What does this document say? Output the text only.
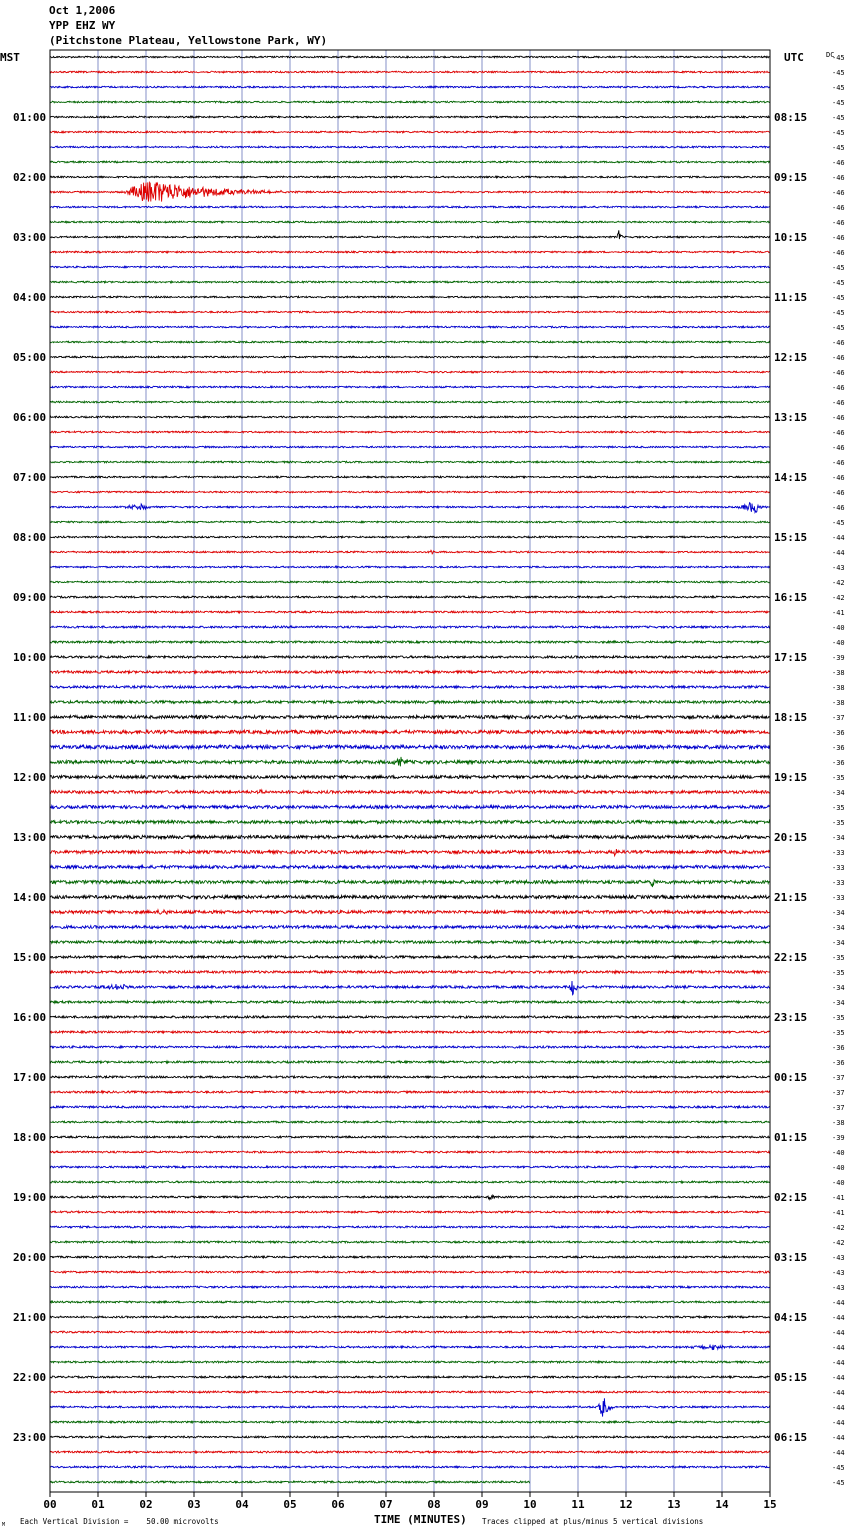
Oct 1,2006
YPP EHZ WY
(Pitchstone Plateau, Yellowstone Park, WY)
MST	UTC	DC
TIME (MINUTES)
Each Vertical Division =    50.00 microvolts	Traces clipped at plus/minus 5 vertical divisions
M
01:00
02:00
03:00
04:00
05:00
06:00
07:00
08:00
09:00
10:00
11:00
12:00
13:00
14:00
15:00
16:00
17:00
18:00
19:00
20:00
21:00
22:00
23:00
08:15
09:15
10:15
11:15
12:15
13:15
14:15
15:15
16:15
17:15
18:15
19:15
20:15
21:15
22:15
23:15
00:15
01:15
02:15
03:15
04:15
05:15
06:15
-45
-45
-45
-45
-45
-45
-45
-46
-46
-46
-46
-46
-46
-46
-45
-45
-45
-45
-45
-46
-46
-46
-46
-46
-46
-46
-46
-46
-46
-46
-46
-45
-44
-44
-43
-42
-42
-41
-40
-40
-39
-38
-38
-38
-37
-36
-36
-36
-35
-34
-35
-35
-34
-33
-33
-33
-33
-34
-34
-34
-35
-35
-34
-34
-35
-35
-36
-36
-37
-37
-37
-38
-39
-40
-40
-40
-41
-41
-42
-42
-43
-43
-43
-44
-44
-44
-44
-44
-44
-44
-44
-44
-44
-44
-45
-45
00	01	02	03	04	05	06	07	08	09	10	11	12	13	14	15
